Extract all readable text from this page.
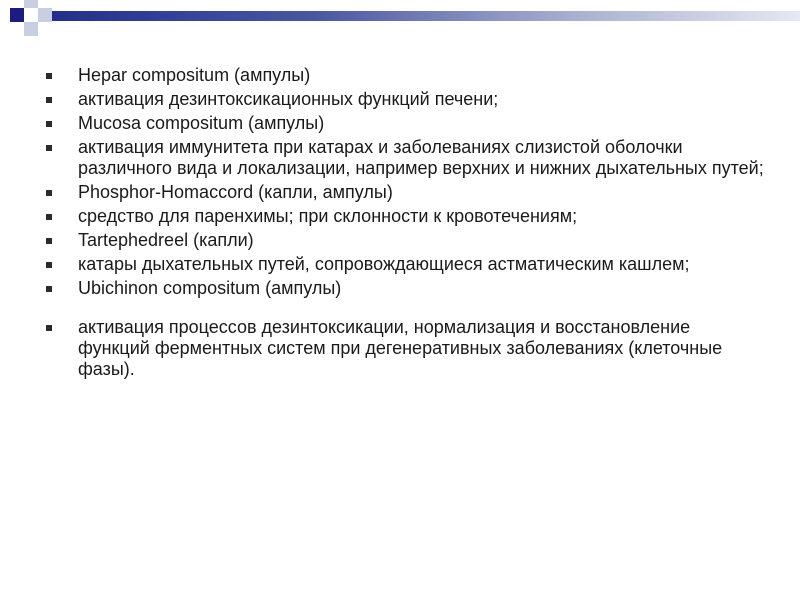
Hepar compositum (ампулы)
активация дезинтоксикационных функций печени;
Mucosa compositum (ампулы)
активация иммунитета при катарах и заболеваниях слизистой оболочки различного вида и локализации, например верхних и нижних дыхательных путей;
Phosphor-Homaccord (капли, ампулы)
средство для паренхимы; при склонности к кровотечениям;
Tartephedreel (капли)
катары дыхательных путей, сопровождающиеся астматическим кашлем;
Ubichinon compositum (ампулы)
активация процессов дезинтоксикации, нормализация и восстановление функций ферментных систем при дегенеративных заболеваниях (клеточные фазы).
